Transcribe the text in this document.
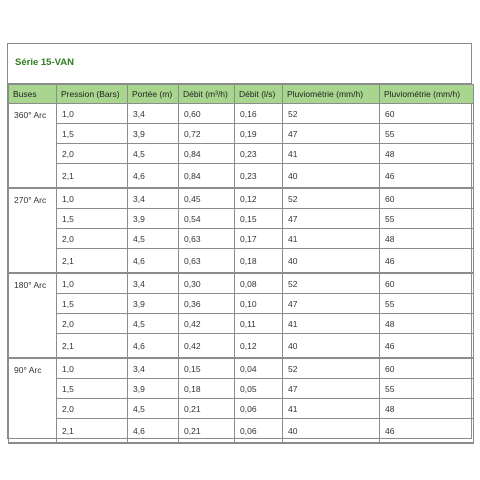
Série 15-VAN
Buses	Pression (Bars)	Portée (m)	Débit (m³/h)	Débit (l/s)	Pluviométrie (mm/h)	Pluviométrie (mm/h)
360° Arc	1,0	3,4	0,60	0,16	52	60
	1,5	3,9	0,72	0,19	47	55
	2,0	4,5	0,84	0,23	41	48
	2,1	4,6	0,84	0,23	40	46
270° Arc	1,0	3,4	0,45	0,12	52	60
	1,5	3,9	0,54	0,15	47	55
	2,0	4,5	0,63	0,17	41	48
	2,1	4,6	0,63	0,18	40	46
180° Arc	1,0	3,4	0,30	0,08	52	60
	1,5	3,9	0,36	0,10	47	55
	2,0	4,5	0,42	0,11	41	48
	2,1	4,6	0,42	0,12	40	46
90° Arc	1,0	3,4	0,15	0,04	52	60
	1,5	3,9	0,18	0,05	47	55
	2,0	4,5	0,21	0,06	41	48
	2,1	4,6	0,21	0,06	40	46
